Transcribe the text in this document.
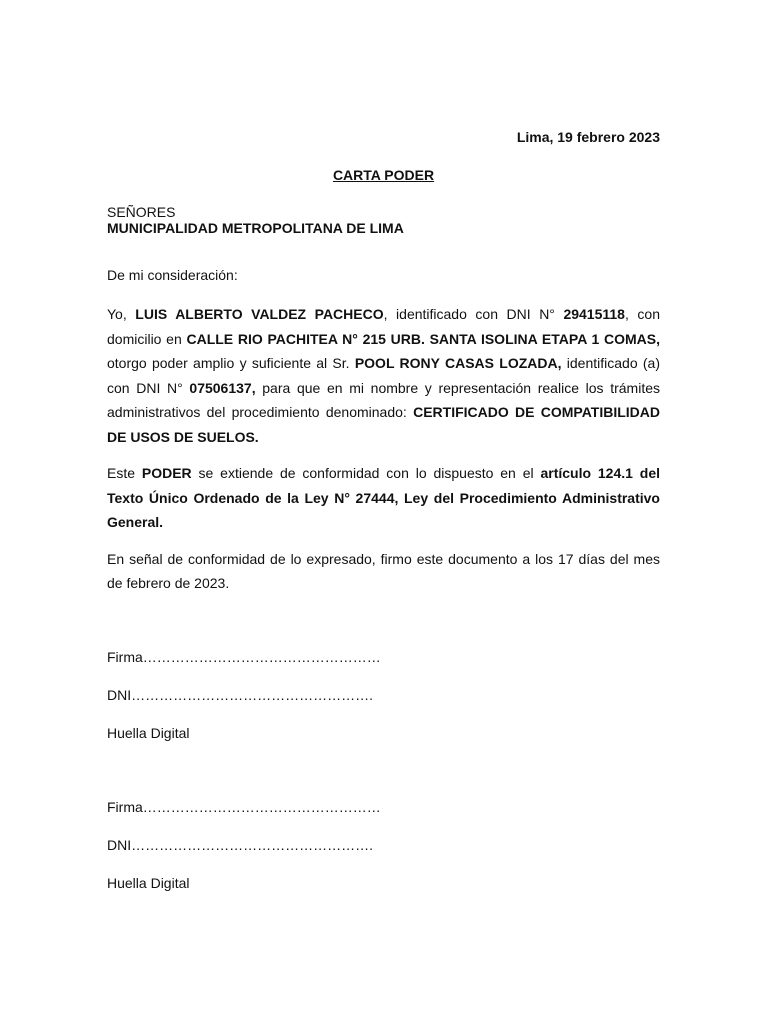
Lima, 19 febrero 2023

CARTA PODER

SEÑORES
MUNICIPALIDAD METROPOLITANA DE LIMA

De mi consideración:

Yo, LUIS ALBERTO VALDEZ PACHECO, identificado con DNI N° 29415118, con domicilio en CALLE RIO PACHITEA N° 215 URB. SANTA ISOLINA ETAPA 1 COMAS, otorgo poder amplio y suficiente al Sr. POOL RONY CASAS LOZADA, identificado (a) con DNI N° 07506137, para que en mi nombre y representación realice los trámites administrativos del procedimiento denominado: CERTIFICADO DE COMPATIBILIDAD DE USOS DE SUELOS.

Este PODER se extiende de conformidad con lo dispuesto en el artículo 124.1 del Texto Único Ordenado de la Ley N° 27444, Ley del Procedimiento Administrativo General.

En señal de conformidad de lo expresado, firmo este documento a los 17 días del mes de febrero de 2023.

Firma……………………………………………

DNI…………………………………………….

Huella Digital

Firma……………………………………………

DNI…………………………………………….

Huella Digital
